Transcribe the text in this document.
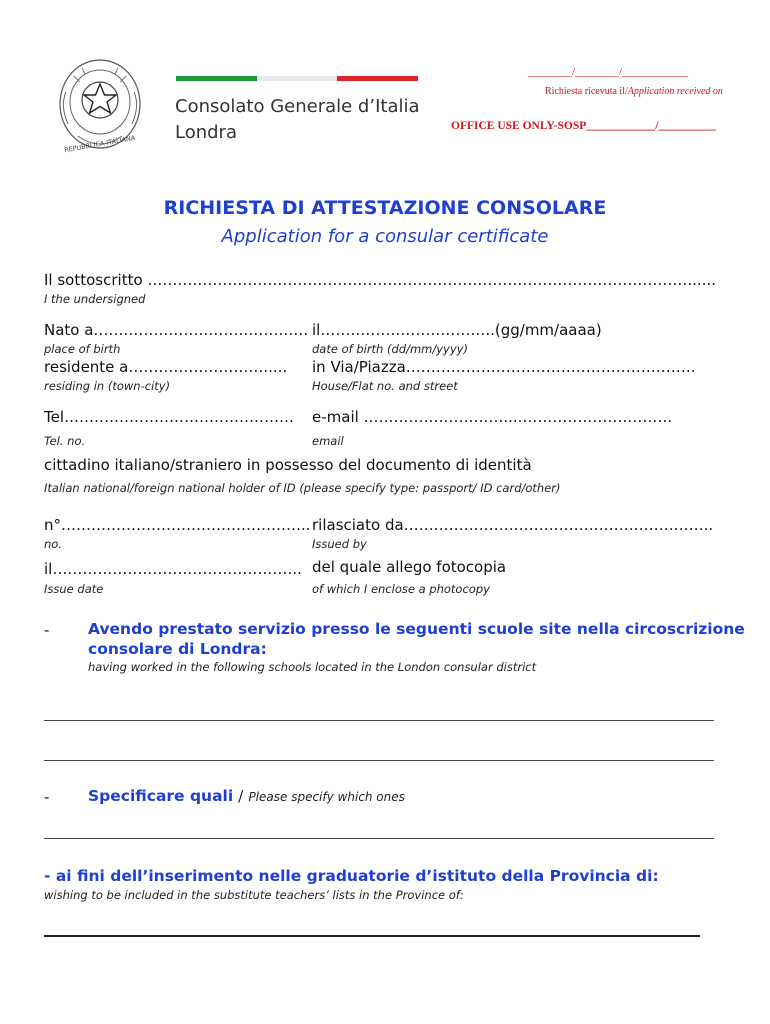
REPUBBLICA ITALIANA
Consolato Generale d’Italia
Londra
________/________/____________
Richiesta ricevuta il/Application received on
OFFICE USE ONLY-SOSP____________/__________
RICHIESTA DI ATTESTAZIONE CONSOLARE
Application for a consular certificate
Il sottoscritto ………………………………………………………………………………………………......
I the undersigned
Nato a…………………………………….
place of birth
il……………………………..(gg/mm/aaaa)
date of birth (dd/mm/yyyy)
residente a……………………….....
residing in (town-city)
in Via/Piazza………………………………………………….
House/Flat no. and street
Tel……………………………………….
Tel. no.
e-mail ……………………….....…………………………
email
cittadino italiano/straniero in possesso del documento di identità
Italian national/foreign national holder of ID (please specify type: passport/ ID card/other)
n°…………………………………………..
no.
rilasciato da……………………………………………………..
Issued by
il…………………………………………..
Issue date
del quale allego fotocopia
of which I enclose a photocopy
- Avendo prestato servizio presso le seguenti scuole site nella circoscrizione
consolare di Londra:
having worked in the following schools located in the London consular district
- Specificare quali / Please specify which ones
- ai fini dell’inserimento nelle graduatorie d’istituto della Provincia di:
wishing to be included in the substitute teachers’ lists in the Province of:
